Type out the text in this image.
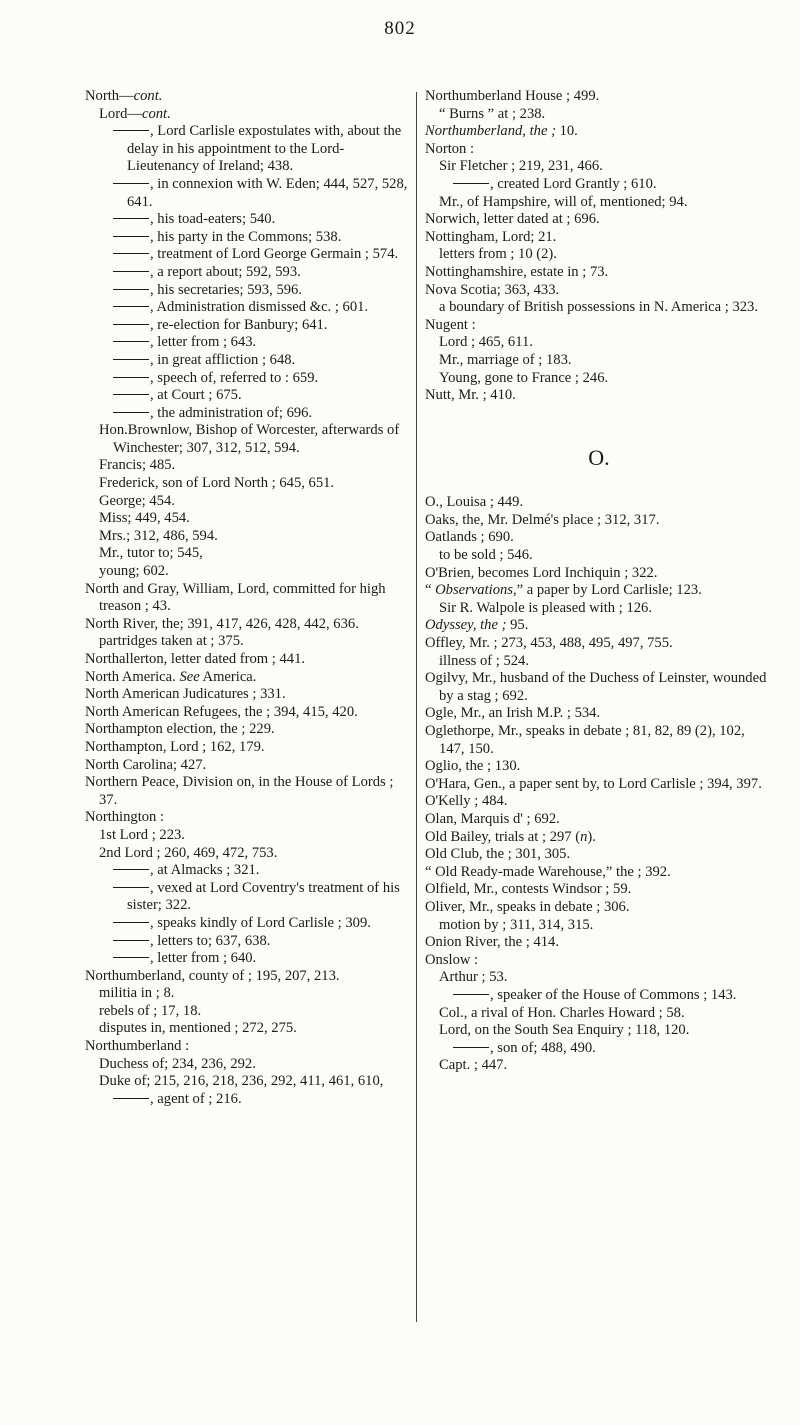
802
North—cont.
Lord—cont.
, Lord Carlisle expostulates with, about the delay in his appointment to the Lord-Lieutenancy of Ireland; 438.
, in connexion with W. Eden; 444, 527, 528, 641.
, his toad-eaters; 540.
, his party in the Commons; 538.
, treatment of Lord George Germain ; 574.
, a report about; 592, 593.
, his secretaries; 593, 596.
, Administration dismissed &c. ; 601.
, re-election for Banbury; 641.
, letter from ; 643.
, in great affliction ; 648.
, speech of, referred to : 659.
, at Court ; 675.
, the administration of; 696.
Hon.Brownlow, Bishop of Worcester, afterwards of Winchester; 307, 312, 512, 594.
Francis; 485.
Frederick, son of Lord North ; 645, 651.
George; 454.
Miss; 449, 454.
Mrs.; 312, 486, 594.
Mr., tutor to; 545,
young; 602.
North and Gray, William, Lord, committed for high treason ; 43.
North River, the; 391, 417, 426, 428, 442, 636.
partridges taken at ; 375.
Northallerton, letter dated from ; 441.
North America. See America.
North American Judicatures ; 331.
North American Refugees, the ; 394, 415, 420.
Northampton election, the ; 229.
Northampton, Lord ; 162, 179.
North Carolina; 427.
Northern Peace, Division on, in the House of Lords ; 37.
Northington :
1st Lord ; 223.
2nd Lord ; 260, 469, 472, 753.
, at Almacks ; 321.
, vexed at Lord Coventry's treatment of his sister; 322.
, speaks kindly of Lord Carlisle ; 309.
, letters to; 637, 638.
, letter from ; 640.
Northumberland, county of ; 195, 207, 213.
militia in ; 8.
rebels of ; 17, 18.
disputes in, mentioned ; 272, 275.
Northumberland :
Duchess of; 234, 236, 292.
Duke of; 215, 216, 218, 236, 292, 411, 461, 610,
, agent of ; 216.
Northumberland House ; 499.
“ Burns ” at ; 238.
Northumberland, the ; 10.
Norton :
Sir Fletcher ; 219, 231, 466.
, created Lord Grantly ; 610.
Mr., of Hampshire, will of, mentioned; 94.
Norwich, letter dated at ; 696.
Nottingham, Lord; 21.
letters from ; 10 (2).
Nottinghamshire, estate in ; 73.
Nova Scotia; 363, 433.
a boundary of British possessions in N. America ; 323.
Nugent :
Lord ; 465, 611.
Mr., marriage of ; 183.
Young, gone to France ; 246.
Nutt, Mr. ; 410.
O.
O., Louisa ; 449.
Oaks, the, Mr. Delmé's place ; 312, 317.
Oatlands ; 690.
to be sold ; 546.
O'Brien, becomes Lord Inchiquin ; 322.
“ Observations,” a paper by Lord Carlisle; 123.
Sir R. Walpole is pleased with ; 126.
Odyssey, the ; 95.
Offley, Mr. ; 273, 453, 488, 495, 497, 755.
illness of ; 524.
Ogilvy, Mr., husband of the Duchess of Leinster, wounded by a stag ; 692.
Ogle, Mr., an Irish M.P. ; 534.
Oglethorpe, Mr., speaks in debate ; 81, 82, 89 (2), 102, 147, 150.
Oglio, the ; 130.
O'Hara, Gen., a paper sent by, to Lord Carlisle ; 394, 397.
O'Kelly ; 484.
Olan, Marquis d' ; 692.
Old Bailey, trials at ; 297 (n).
Old Club, the ; 301, 305.
“ Old Ready-made Warehouse,” the ; 392.
Olfield, Mr., contests Windsor ; 59.
Oliver, Mr., speaks in debate ; 306.
motion by ; 311, 314, 315.
Onion River, the ; 414.
Onslow :
Arthur ; 53.
, speaker of the House of Commons ; 143.
Col., a rival of Hon. Charles Howard ; 58.
Lord, on the South Sea Enquiry ; 118, 120.
, son of; 488, 490.
Capt. ; 447.
